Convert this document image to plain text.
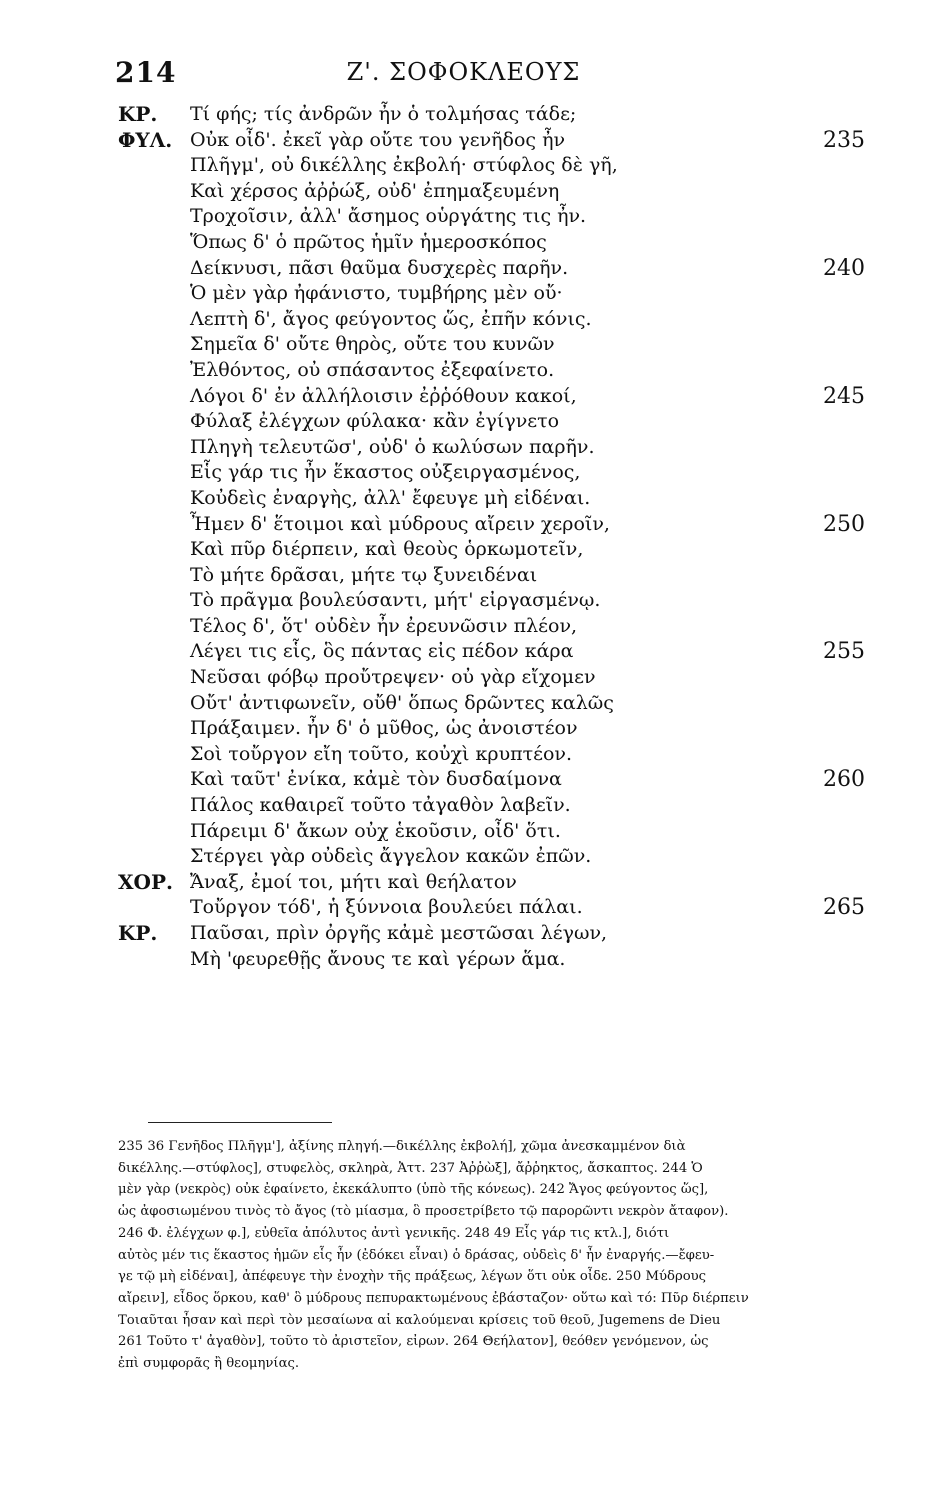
214	Ζ'. ΣΟΦΟΚΛΕΟΥΣ
ΚΡ. Τί φής; τίς ἀνδρῶν ἦν ὁ τολμήσας τάδε;
ΦΥΛ. Οὐκ οἶδ'. ἐκεῖ γὰρ οὔτε του γενῆδος ἦν	235
Πλῆγμ', οὐ δικέλλης ἐκβολή· στύφλος δὲ γῆ,
Καὶ χέρσος ἀῤῥώξ, οὐδ' ἐπημαξευμένη
Τροχοῖσιν, ἀλλ' ἄσημος οὑργάτης τις ἦν.
Ὅπως δ' ὁ πρῶτος ἡμῖν ἡμεροσκόπος
Δείκνυσι, πᾶσι θαῦμα δυσχερὲς παρῆν.	240
Ὁ μὲν γὰρ ἠφάνιστο, τυμβήρης μὲν οὔ·
Λεπτὴ δ', ἄγος φεύγοντος ὥς, ἐπῆν κόνις.
Σημεῖα δ' οὔτε θηρὸς, οὔτε του κυνῶν
Ἐλθόντος, οὐ σπάσαντος ἐξεφαίνετο.
Λόγοι δ' ἐν ἀλλήλοισιν ἐῤῥόθουν κακοί,	245
Φύλαξ ἐλέγχων φύλακα· κἂν ἐγίγνετο
Πληγὴ τελευτῶσ', οὐδ' ὁ κωλύσων παρῆν.
Εἷς γάρ τις ἦν ἕκαστος οὐξειργασμένος,
Κοὐδεὶς ἐναργὴς, ἀλλ' ἔφευγε μὴ εἰδέναι.
Ἦμεν δ' ἕτοιμοι καὶ μύδρους αἴρειν χεροῖν,	250
Καὶ πῦρ διέρπειν, καὶ θεοὺς ὁρκωμοτεῖν,
Τὸ μήτε δρᾶσαι, μήτε τῳ ξυνειδέναι
Τὸ πρᾶγμα βουλεύσαντι, μήτ' εἰργασμένῳ.
Τέλος δ', ὅτ' οὐδὲν ἦν ἐρευνῶσιν πλέον,
Λέγει τις εἷς, ὃς πάντας εἰς πέδον κάρα	255
Νεῦσαι φόβῳ προὔτρεψεν· οὐ γὰρ εἴχομεν
Οὔτ' ἀντιφωνεῖν, οὔθ' ὅπως δρῶντες καλῶς
Πράξαιμεν. ἦν δ' ὁ μῦθος, ὡς ἀνοιστέον
Σοὶ τοὔργον εἴη τοῦτο, κοὐχὶ κρυπτέον.
Καὶ ταῦτ' ἐνίκα, κἀμὲ τὸν δυσδαίμονα	260
Πάλος καθαιρεῖ τοῦτο τἀγαθὸν λαβεῖν.
Πάρειμι δ' ἄκων οὐχ ἑκοῦσιν, οἶδ' ὅτι.
Στέργει γὰρ οὐδεὶς ἄγγελον κακῶν ἐπῶν.
ΧΟΡ. Ἄναξ, ἐμοί τοι, μήτι καὶ θεήλατον
Τοὔργον τόδ', ἡ ξύννοια βουλεύει πάλαι.	265
ΚΡ. Παῦσαι, πρὶν ὀργῆς κἀμὲ μεστῶσαι λέγων,
Μὴ 'φευρεθῇς ἄνους τε καὶ γέρων ἅμα.
235 36 Γενῆδος Πλῆγμ'], ἀξίνης πληγή.—δικέλλης ἐκβολή], χῶμα ἀνεσκαμμένον διὰ
δικέλλης.—στύφλος], στυφελὸς, σκληρὰ, Ἀττ. 237 Ἀῤῥὼξ], ἄῤῥηκτος, ἄσκαπτος. 244 Ὁ
μὲν γὰρ (νεκρὸς) οὐκ ἐφαίνετο, ἐκεκάλυπτο (ὑπὸ τῆς κόνεως). 242 Ἄγος φεύγοντος ὥς],
ὡς ἀφοσιωμένου τινὸς τὸ ἄγος (τὸ μίασμα, ὃ προσετρίβετο τῷ παρορῶντι νεκρὸν ἄταφον).
246 Φ. ἐλέγχων φ.], εὐθεῖα ἀπόλυτος ἀντὶ γενικῆς. 248 49 Εἷς γάρ τις κτλ.], διότι
αὐτὸς μέν τις ἕκαστος ἡμῶν εἷς ἦν (ἐδόκει εἶναι) ὁ δράσας, οὐδεὶς δ' ἦν ἐναργής.—ἔφευ-
γε τῷ μὴ εἰδέναι], ἀπέφευγε τὴν ἐνοχὴν τῆς πράξεως, λέγων ὅτι οὐκ οἶδε. 250 Μύδρους
αἴρειν], εἶδος ὅρκου, καθ' ὃ μύδρους πεπυρακτωμένους ἐβάσταζον· οὕτω καὶ τό: Πῦρ διέρπειν
Τοιαῦται ἦσαν καὶ περὶ τὸν μεσαίωνα αἱ καλούμεναι κρίσεις τοῦ θεοῦ, Jugemens de Dieu
261 Τοῦτο τ' ἀγαθὸν], τοῦτο τὸ ἀριστεῖον, εἰρων. 264 Θεήλατον], θεόθεν γενόμενον, ὡς
ἐπὶ συμφορᾶς ἢ θεομηνίας.
